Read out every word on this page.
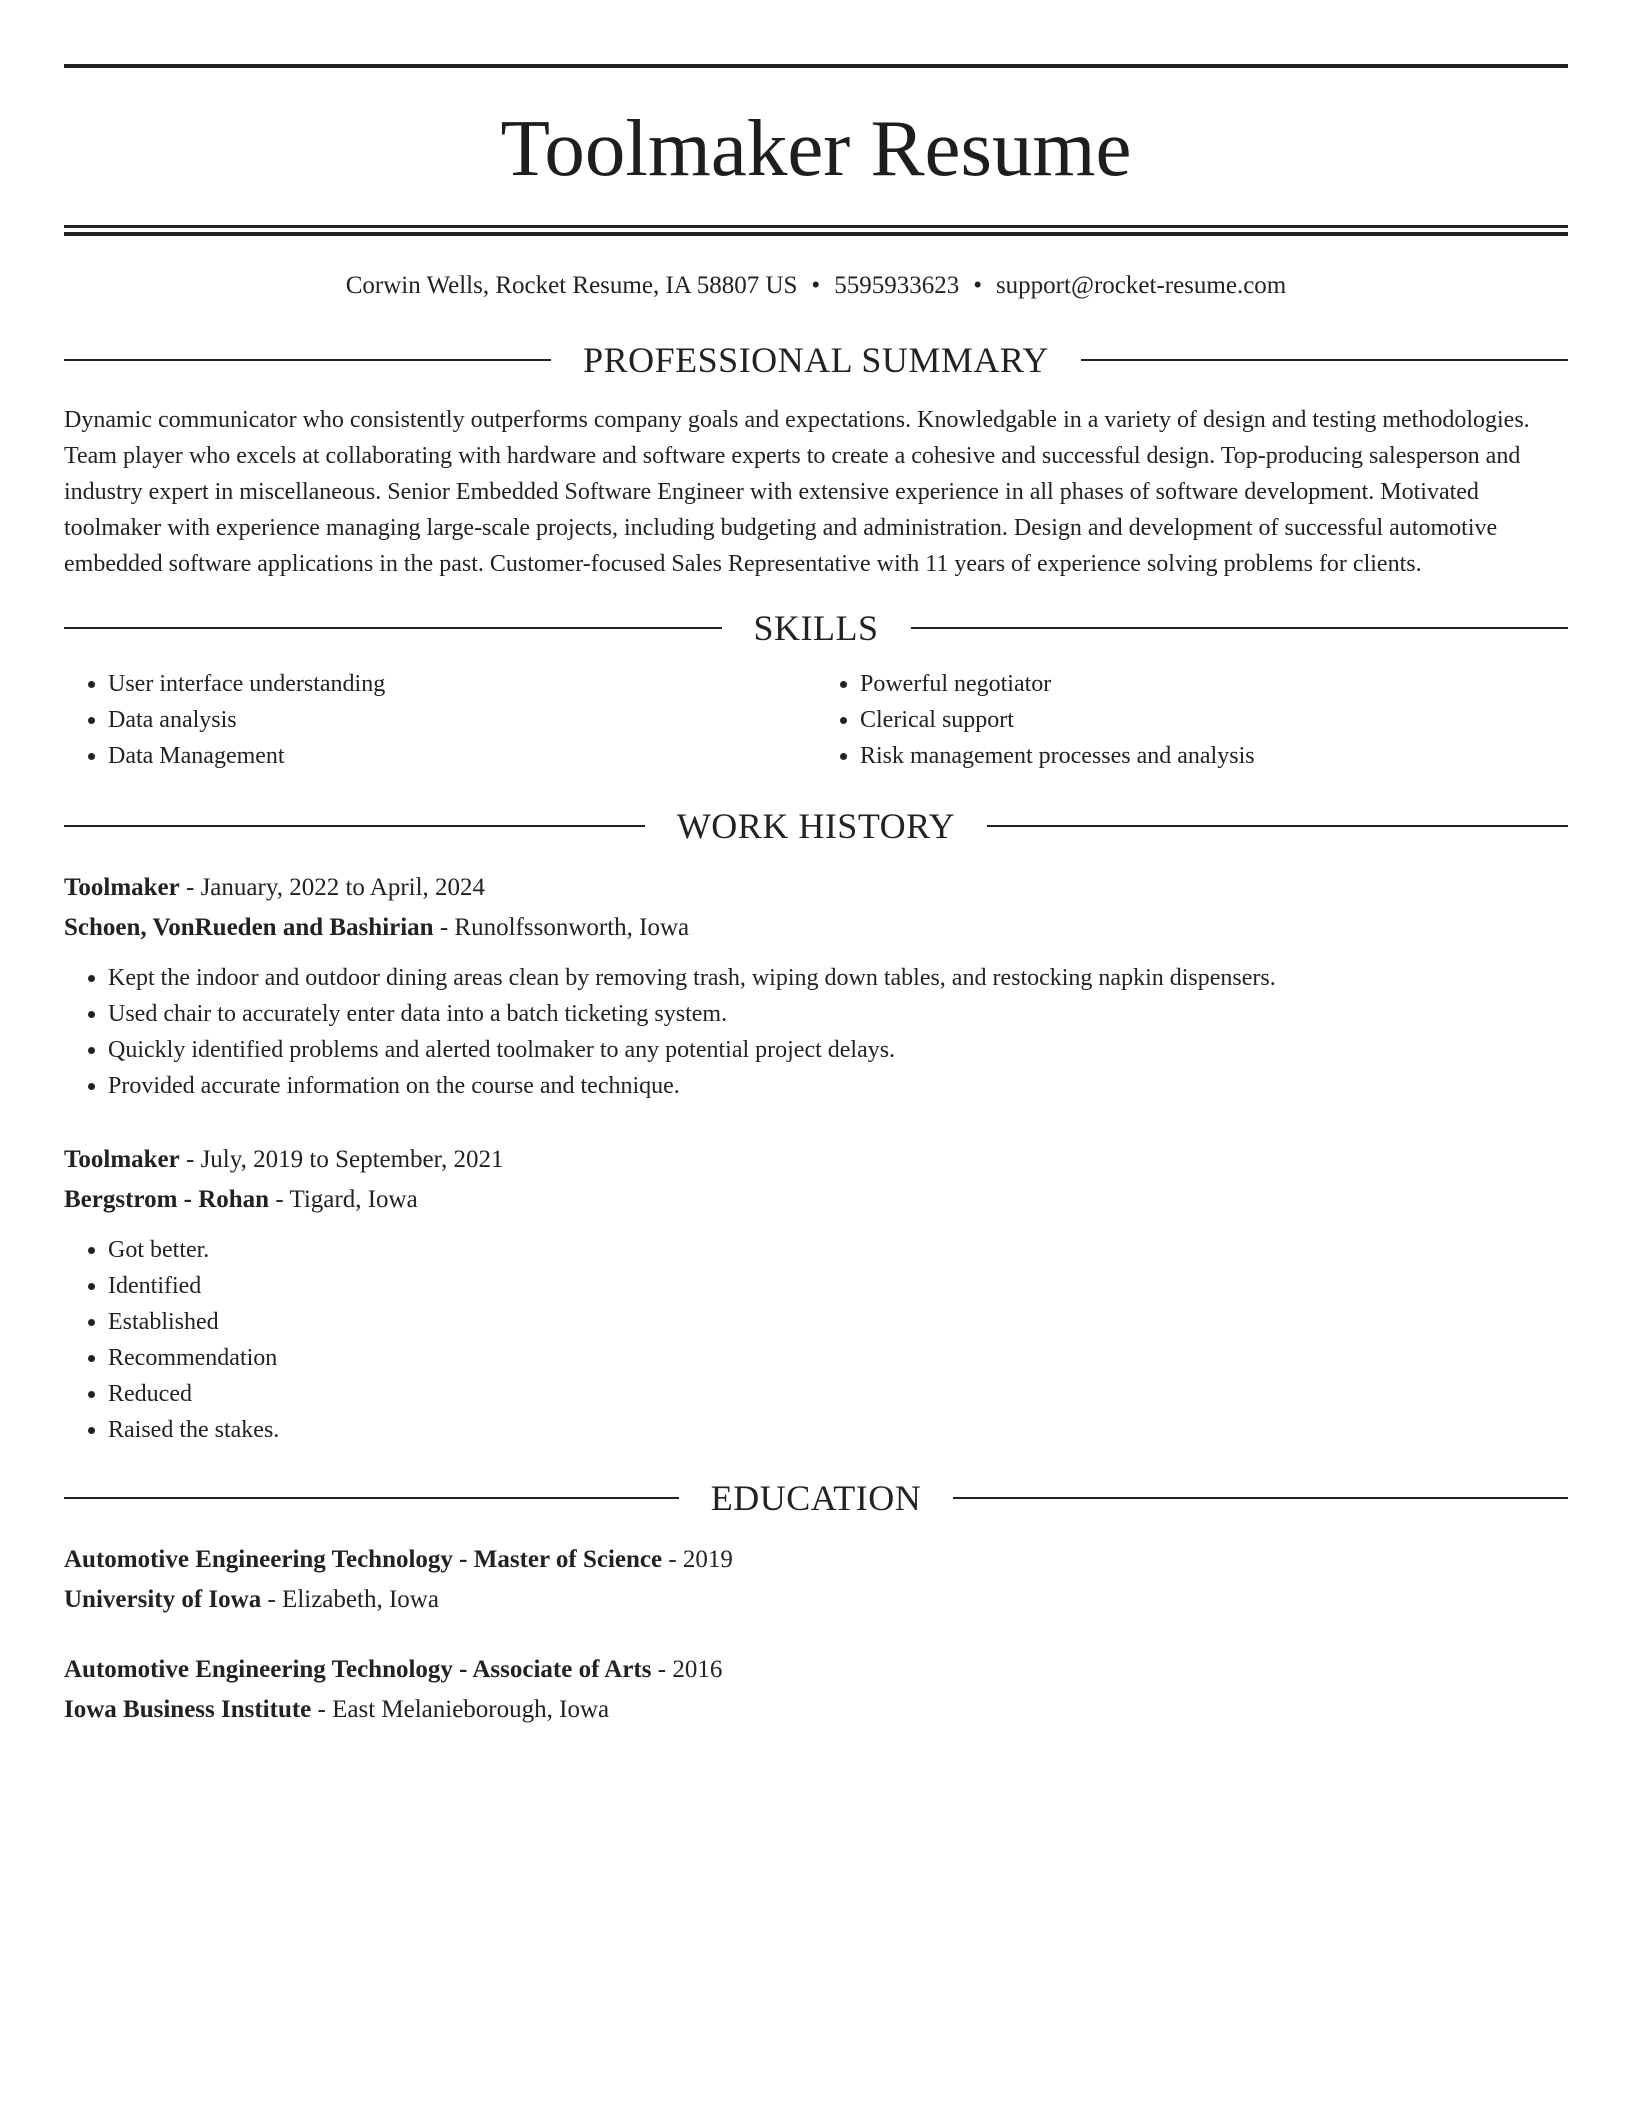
Toolmaker Resume
Corwin Wells, Rocket Resume, IA 58807 US • 5595933623 • support@rocket-resume.com
PROFESSIONAL SUMMARY
Dynamic communicator who consistently outperforms company goals and expectations. Knowledgable in a variety of design and testing methodologies. Team player who excels at collaborating with hardware and software experts to create a cohesive and successful design. Top-producing salesperson and industry expert in miscellaneous. Senior Embedded Software Engineer with extensive experience in all phases of software development. Motivated toolmaker with experience managing large-scale projects, including budgeting and administration. Design and development of successful automotive embedded software applications in the past. Customer-focused Sales Representative with 11 years of experience solving problems for clients.
SKILLS
• User interface understanding
• Data analysis
• Data Management
• Powerful negotiator
• Clerical support
• Risk management processes and analysis
WORK HISTORY
Toolmaker - January, 2022 to April, 2024
Schoen, VonRueden and Bashirian - Runolfssonworth, Iowa
• Kept the indoor and outdoor dining areas clean by removing trash, wiping down tables, and restocking napkin dispensers.
• Used chair to accurately enter data into a batch ticketing system.
• Quickly identified problems and alerted toolmaker to any potential project delays.
• Provided accurate information on the course and technique.
Toolmaker - July, 2019 to September, 2021
Bergstrom - Rohan - Tigard, Iowa
• Got better.
• Identified
• Established
• Recommendation
• Reduced
• Raised the stakes.
EDUCATION
Automotive Engineering Technology - Master of Science - 2019
University of Iowa - Elizabeth, Iowa
Automotive Engineering Technology - Associate of Arts - 2016
Iowa Business Institute - East Melanieborough, Iowa
